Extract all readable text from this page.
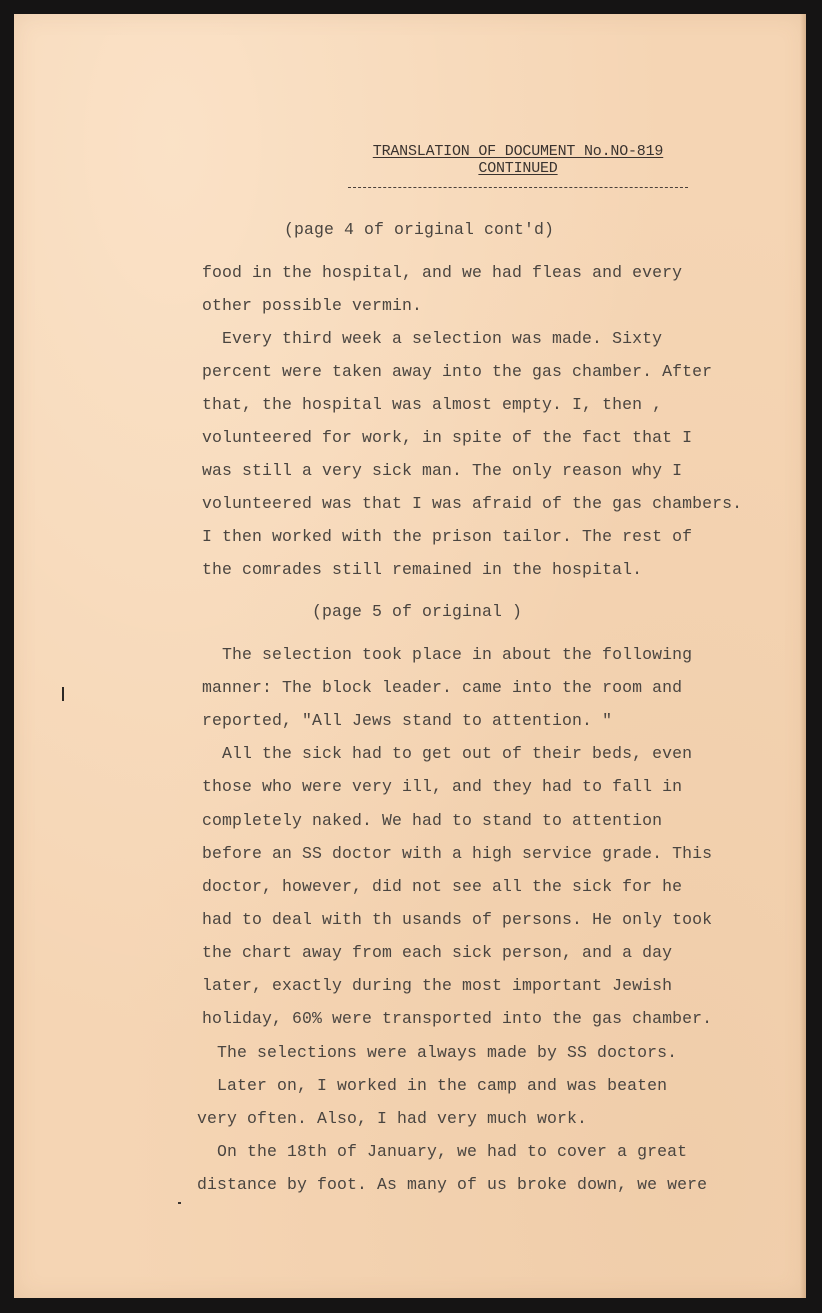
TRANSLATION OF DOCUMENT No.NO-819
CONTINUED
(page 4 of original cont'd)
food in the hospital, and we had fleas and every
other possible vermin.
Every third week a selection was made. Sixty
percent were taken away into the gas chamber. After
that, the hospital was almost empty. I, then ,
volunteered for work, in spite of the fact that I
was still a very sick man. The only reason why I
volunteered was that I was afraid of the gas chambers.
I then worked with the prison tailor. The rest of
the comrades still remained in the hospital.
(page 5 of original )
The selection took place in about the following
manner: The block leader. came into the room and
reported, "All Jews stand to attention. "
All the sick had to get out of their beds, even
those who were very ill, and they had to fall in
completely naked. We had to stand to attention
before an SS doctor with a high service grade. This
doctor, however, did not see all the sick for he
had to deal with th usands of persons. He only took
the chart away from each sick person, and a day
later, exactly during the most important Jewish
holiday, 60% were transported into the gas chamber.
The selections were always made by SS doctors.
Later on, I worked in the camp and was beaten
very often. Also, I had very much work.
On the 18th of January, we had to cover a great
distance by foot. As many of us broke down, we were
